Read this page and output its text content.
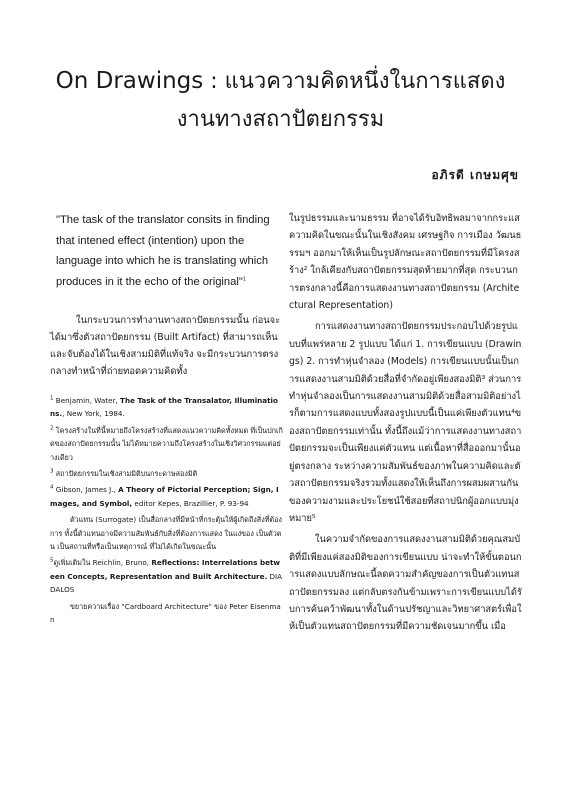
On Drawings : แนวความคิดหนึ่งในการแสดง

งานทางสถาปัตยกรรม

อภิรดี เกษมศุข

"The task of the translator consits in finding that intened effect (intention) upon the language into which he is translating which produces in it the echo of the original"$^1$

ในกระบวนการทำงานทางสถาปัตยกรรมนั้น ก่อนจะได้มาซึ่งตัวสถาปัตยกรรม (Built Artifact) ที่สามารถเห็นและจับต้องได้ในเชิงสามมิติที่แท้จริง จะมีกระบวนการตรงกลางทำหน้าที่ถ่ายทอดความคิดทั้ง

$^1$ Benjamin, Water, The Task of the Transalator, Illuminations., New York, 1984.

$^2$ โครงสร้างในที่นี้หมายถึงโครงสร้างที่แสดงแนวความคิดทั้งหมด ที่เป็นปกเกิดของสถาปัตยกรรมนั้น ไม่ได้หมายความถึงโครงสร้างในเชิงวิศวกรรมแต่อย่างเดียว

$^3$ สถาปัตยกรรมในเชิงสามมิติบนกระดาษสองมิติ

$^4$ Gibson, James J., A Theory of Pictorial Perception; Sign, Images, and Symbol, editor Kepes, Brazillier, P. 93-94

ตัวแทน (Surrogate) เป็นสื่อกลางที่มีหน้าที่กระตุ้นให้ผู้เกิดถึงสิ่งที่ต้องการ ทั้งนี้ตัวแทนอาจมีความสัมพันธ์กับสิ่งที่ต้องการแสดง ในแง่ของ เป็นตัวตน เป็นสถานที่หรือเป็นเหตุการณ์ ที่ไม่ได้เกิดในขณะนั้น

$^5$ดูเพิ่มเติมใน Reichlin, Bruno, Reflections: Interrelations between Concepts, Representation and Built Architecture. DIADALOS

ขยายความเรื่อง "Cardboard Architecture" ของ Peter Eisenman

ในรูปธรรมและนามธรรม ที่อาจได้รับอิทธิพลมาจากกระแสความคิดในขณะนั้นในเชิงสังคม เศรษฐกิจ การเมือง วัฒนธรรมฯ ออกมาให้เห็นเป็นรูปลักษณะสถาปัตยกรรมที่มีโครงสร้าง² ใกล้เคียงกับสถาปัตยกรรมสุดท้ายมากที่สุด กระบวนการตรงกลางนี้คือการแสดงงานทางสถาปัตยกรรม (Architectural Representation)

การแสดงงานทางสถาปัตยกรรมประกอบไปด้วยรูปแบบที่แพร่หลาย 2 รูปแบบ ได้แก่ 1. การเขียนแบบ (Drawings) 2. การทำหุ่นจำลอง (Models) การเขียนแบบนั้นเป็นการแสดงงานสามมิติด้วยสื่อที่จำกัดอยู่เพียงสองมิติ³ ส่วนการทำหุ่นจำลองเป็นการแสดงงานสามมิติด้วยสื่อสามมิติอย่างไรก็ตามการแสดงแบบทั้งสองรูปแบบนี้เป็นแค่เพียงตัวแทน⁴ของสถาปัตยกรรมเท่านั้น ทั้งนี้ถึงแม้ว่าการแสดงงานทางสถาปัตยกรรมจะเป็นเพียงแค่ตัวแทน แต่เนื้อหาที่สื่อออกมานั้นอยู่ตรงกลาง ระหว่างความสัมพันธ์ของภาพในความคิดและตัวสถาปัตยกรรมจริงรวมทั้งแสดงให้เห็นถึงการผสมผสานกันของความงามและประโยชน์ใช้สอยที่สถาปนิกผู้ออกแบบมุ่งหมาย⁵

ในความจำกัดของการแสดงงานสามมิติด้วยคุณสมบัติที่มีเพียงแค่สองมิติของการเขียนแบบ น่าจะทำให้ขั้นตอนการแสดงแบบลักษณะนี้ลดความสำคัญของการเป็นตัวแทนสถาปัตยกรรมลง แต่กลับตรงกันข้ามเพราะการเขียนแบบได้รับการค้นคว้าพัฒนาทั้งในด้านปรัชญาและวิทยาศาสตร์เพื่อให้เป็นตัวแทนสถาปัตยกรรมที่มีความชัดเจนมากขึ้น เมื่อ
